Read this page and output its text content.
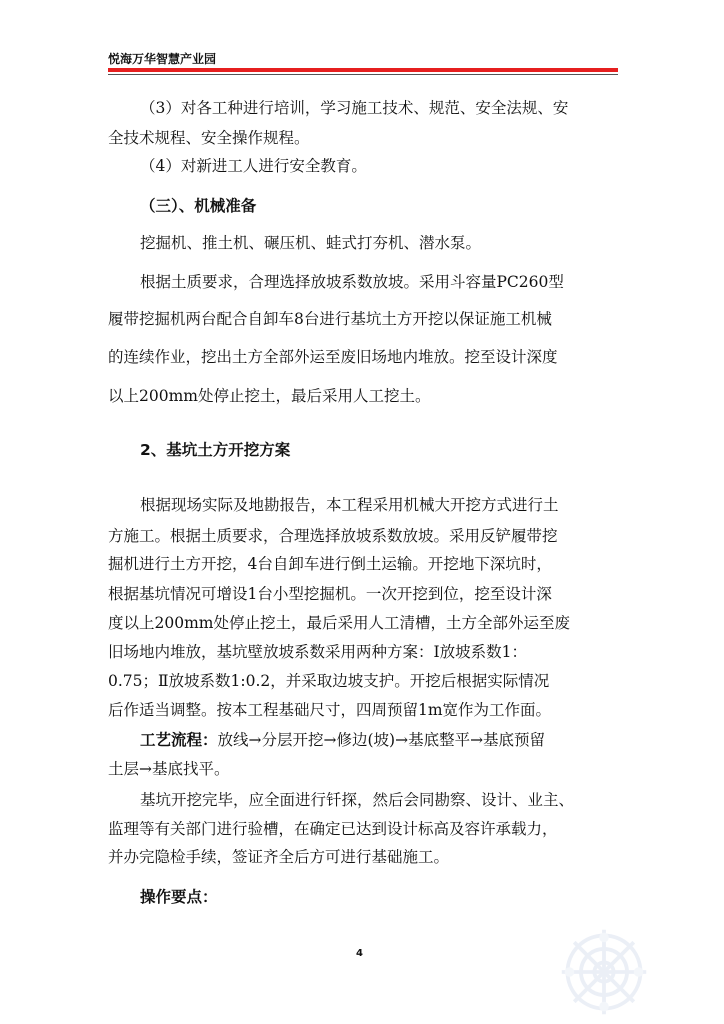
悦海万华智慧产业园
（3）对各工种进行培训，学习施工技术、规范、安全法规、安
全技术规程、安全操作规程。
（4）对新进工人进行安全教育。
（三）、机械准备
挖掘机、推土机、碾压机、蛙式打夯机、潜水泵。
根据土质要求，合理选择放坡系数放坡。采用斗容量PC260型
履带挖掘机两台配合自卸车8台进行基坑土方开挖以保证施工机械
的连续作业，挖出土方全部外运至废旧场地内堆放。挖至设计深度
以上200mm处停止挖土，最后采用人工挖土。
2、基坑土方开挖方案
根据现场实际及地勘报告，本工程采用机械大开挖方式进行土
方施工。根据土质要求，合理选择放坡系数放坡。采用反铲履带挖
掘机进行土方开挖，4台自卸车进行倒土运输。开挖地下深坑时，
根据基坑情况可增设1台小型挖掘机。一次开挖到位，挖至设计深
度以上200mm处停止挖土，最后采用人工清槽，土方全部外运至废
旧场地内堆放，基坑壁放坡系数采用两种方案：Ⅰ放坡系数1：
0.75；Ⅱ放坡系数1:0.2，并采取边坡支护。开挖后根据实际情况
后作适当调整。按本工程基础尺寸，四周预留1m宽作为工作面。
工艺流程：放线→分层开挖→修边(坡)→基底整平→基底预留
土层→基底找平。
基坑开挖完毕，应全面进行钎探，然后会同勘察、设计、业主、
监理等有关部门进行验槽，在确定已达到设计标高及容许承载力，
并办完隐检手续，签证齐全后方可进行基础施工。
操作要点：
4
